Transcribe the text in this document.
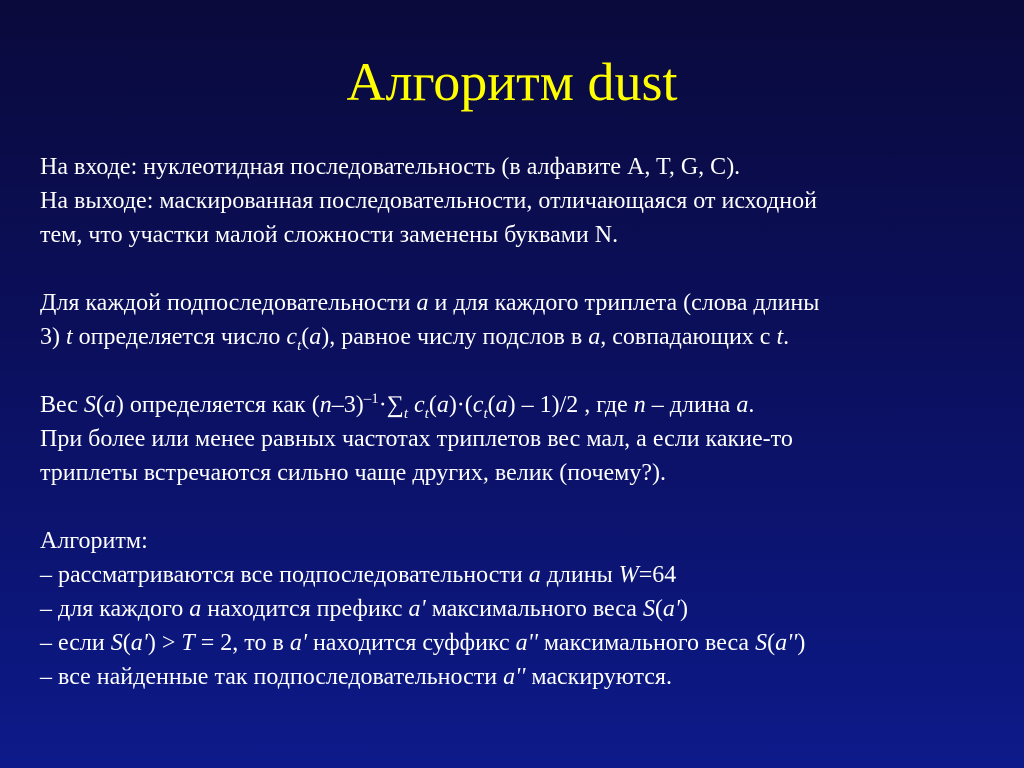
Алгоритм dust
На входе: нуклеотидная последовательность (в алфавите A, T, G, C).
На выходе: маскированная последовательности, отличающаяся от исходной
тем, что участки малой сложности заменены буквами N.
Для каждой подпоследовательности a и для каждого триплета (слова длины
3) t определяется число $c_t(a)$, равное числу подслов в a, совпадающих с t.
Вес S(a) определяется как $(n-3)^{-1}\cdot\sum_t$ $c_t(a)\cdot(c_t(a) - 1)/2$ , где n – длина a.
При более или менее равных частотах триплетов вес мал, а если какие-то
триплеты встречаются сильно чаще других, велик (почему?).
Алгоритм:
– рассматриваются все подпоследовательности a длины W=64
– для каждого a находится префикс a' максимального веса S(a')
– если S(a') > T = 2, то в a' находится суффикс a'' максимального веса S(a'')
– все найденные так подпоследовательности a'' маскируются.
